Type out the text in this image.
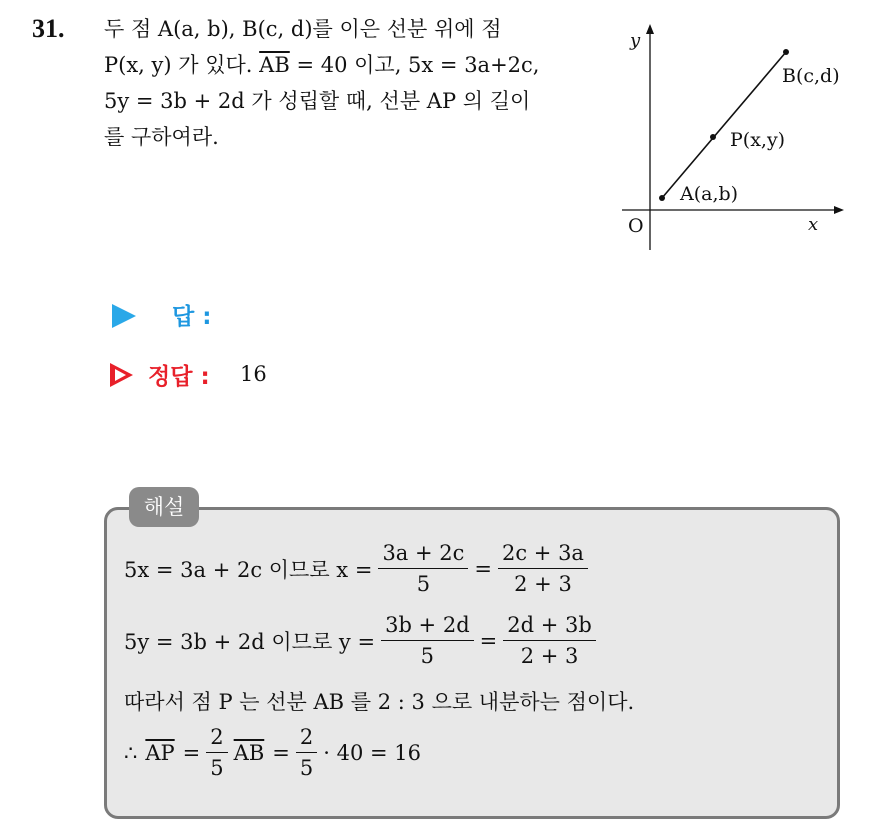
31. 두 점 A(a, b), B(c, d)를 이은 선분 위에 점
P(x, y) 가 있다. $\overline{AB} = 40$ 이고, 5x = 3a+2c,
5y = 3b + 2d 가 성립할 때, 선분 AP 의 길이
를 구하여라.
y
x
O
A(a,b)
P(x,y)
B(c,d)
답 :
정답 : 16
해설
5x = 3a + 2c 이므로 $x = \frac{3a + 2c}{5} = \frac{2c + 3a}{2 + 3}$
5y = 3b + 2d 이므로 $y = \frac{3b + 2d}{5} = \frac{2d + 3b}{2 + 3}$
따라서 점 P 는 선분 AB 를 2 : 3 으로 내분하는 점이다.
∴ $\overline{AP} = \frac{2}{5} \overline{AB} = \frac{2}{5} \cdot 40 = 16$
